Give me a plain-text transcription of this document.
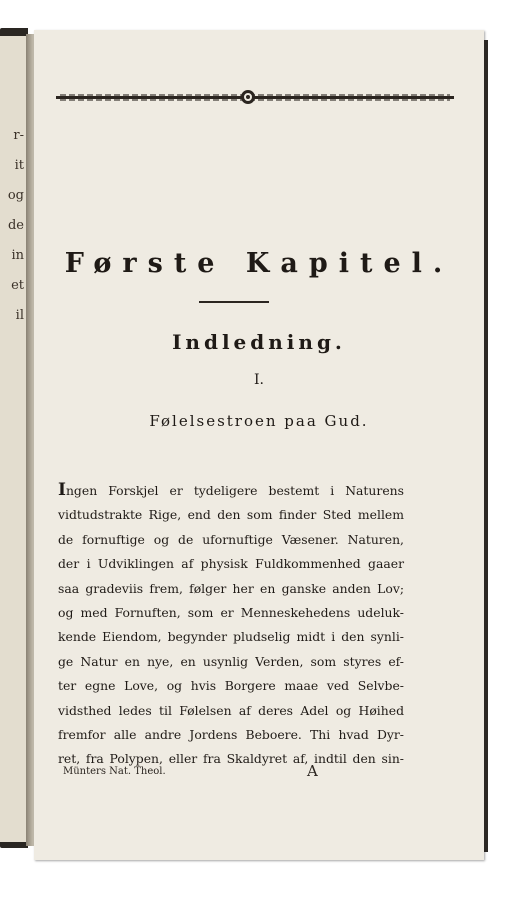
r-
it
og
de
in
et
il
Første Kapitel.
Indledning.
I.
Følelsestroen paa Gud.
Ingen Forskjel er tydeligere bestemt i Naturens
vidtudstrakte Rige, end den som finder Sted mellem
de fornuftige og de ufornuftige Væsener. Naturen,
der i Udviklingen af physisk Fuldkommenhed gaaer
saa gradeviis frem, følger her en ganske anden Lov;
og med Fornuften, som er Menneskehedens udeluk-
kende Eiendom, begynder pludselig midt i den synli-
ge Natur en nye, en usynlig Verden, som styres ef-
ter egne Love, og hvis Borgere maae ved Selvbe-
vidsthed ledes til Følelsen af deres Adel og Høihed
fremfor alle andre Jordens Beboere. Thi hvad Dyr-
ret, fra Polypen, eller fra Skaldyret af, indtil den sin-
Münters Nat. Theol.	A
